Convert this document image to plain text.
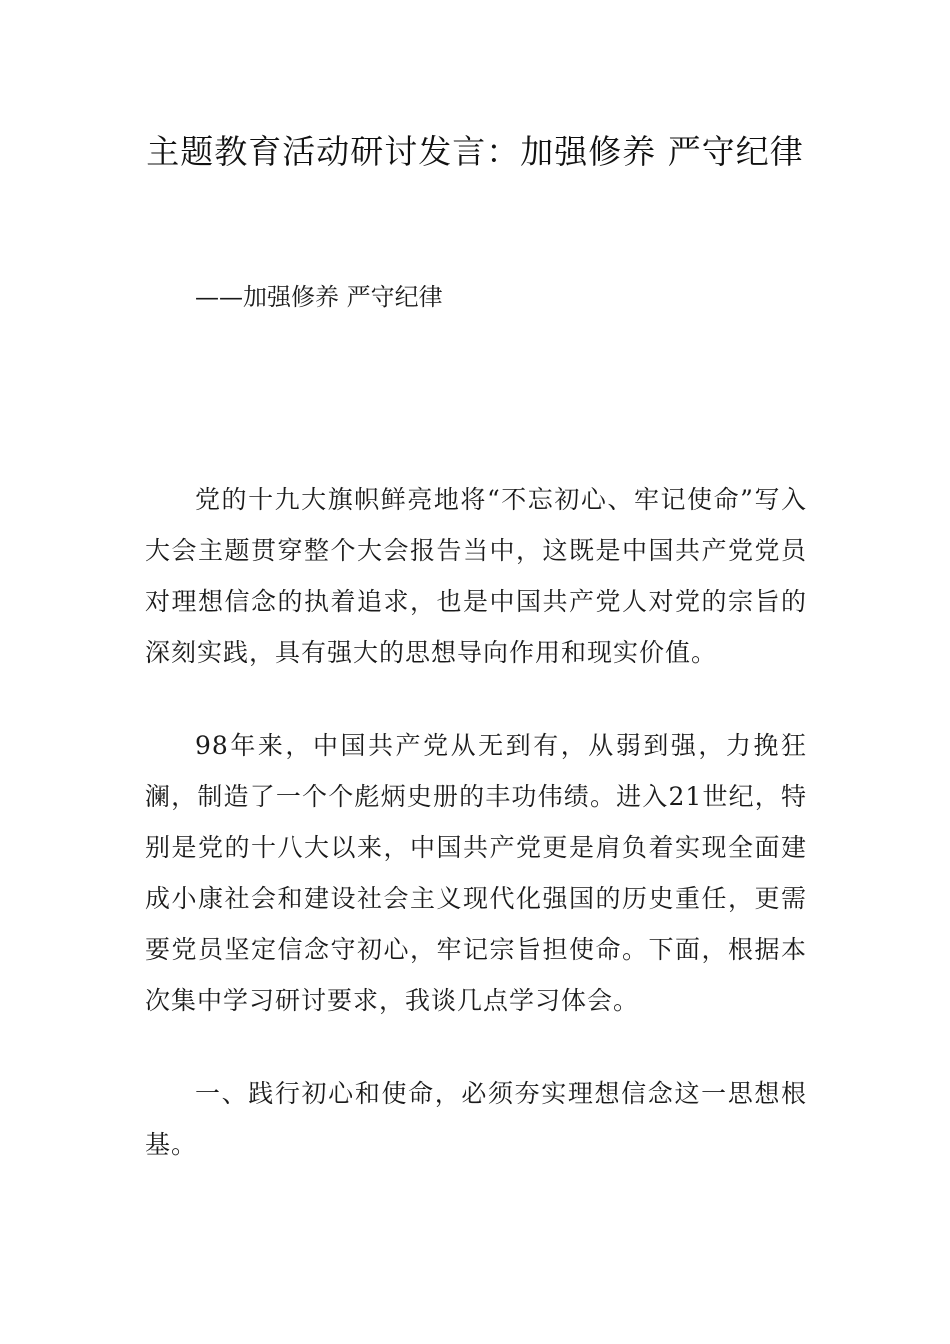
主题教育活动研讨发言：加强修养 严守纪律

——加强修养 严守纪律

党的十九大旗帜鲜亮地将“不忘初心、牢记使命”写入大会主题贯穿整个大会报告当中，这既是中国共产党党员对理想信念的执着追求，也是中国共产党人对党的宗旨的深刻实践，具有强大的思想导向作用和现实价值。

98年来，中国共产党从无到有，从弱到强，力挽狂澜，制造了一个个彪炳史册的丰功伟绩。进入21世纪，特别是党的十八大以来，中国共产党更是肩负着实现全面建成小康社会和建设社会主义现代化强国的历史重任，更需要党员坚定信念守初心，牢记宗旨担使命。下面，根据本次集中学习研讨要求，我谈几点学习体会。

一、践行初心和使命，必须夯实理想信念这一思想根基。
